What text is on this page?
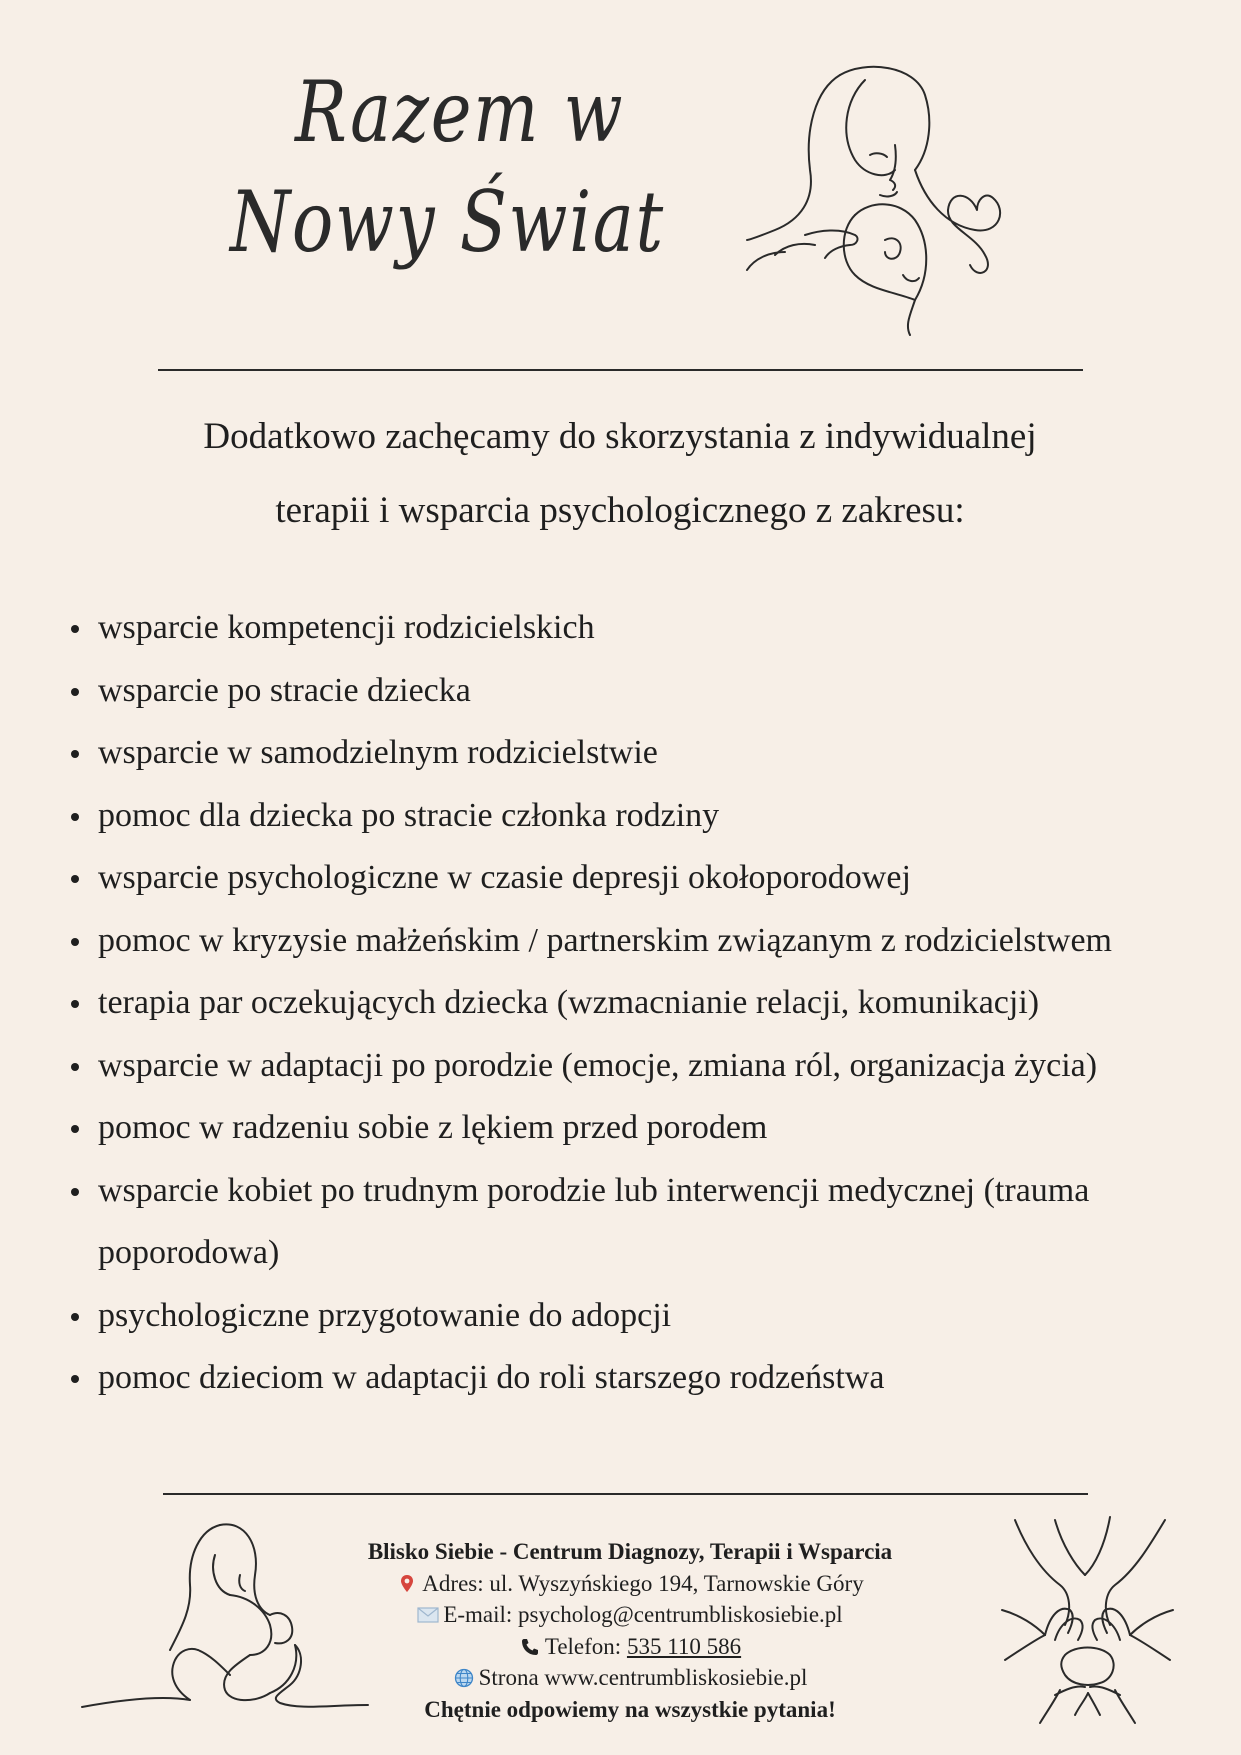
Razem w
Nowy Świat

Dodatkowo zachęcamy do skorzystania z indywidualnej

terapii i wsparcia psychologicznego z zakresu:

wsparcie kompetencji rodzicielskich
wsparcie po stracie dziecka
wsparcie w samodzielnym rodzicielstwie
pomoc dla dziecka po stracie członka rodziny
wsparcie psychologiczne w czasie depresji okołoporodowej
pomoc w kryzysie małżeńskim / partnerskim związanym z rodzicielstwem
terapia par oczekujących dziecka (wzmacnianie relacji, komunikacji)
wsparcie w adaptacji po porodzie (emocje, zmiana ról, organizacja życia)
pomoc w radzeniu sobie z lękiem przed porodem
wsparcie kobiet po trudnym porodzie lub interwencji medycznej (trauma poporodowa)
psychologiczne przygotowanie do adopcji
pomoc dzieciom w adaptacji do roli starszego rodzeństwa
Blisko Siebie - Centrum Diagnozy, Terapii i Wsparcia
Adres: ul. Wyszyńskiego 194, Tarnowskie Góry
E-mail: psycholog@centrumbliskosiebie.pl
Telefon: 535 110 586
Strona www.centrumbliskosiebie.pl
Chętnie odpowiemy na wszystkie pytania!
